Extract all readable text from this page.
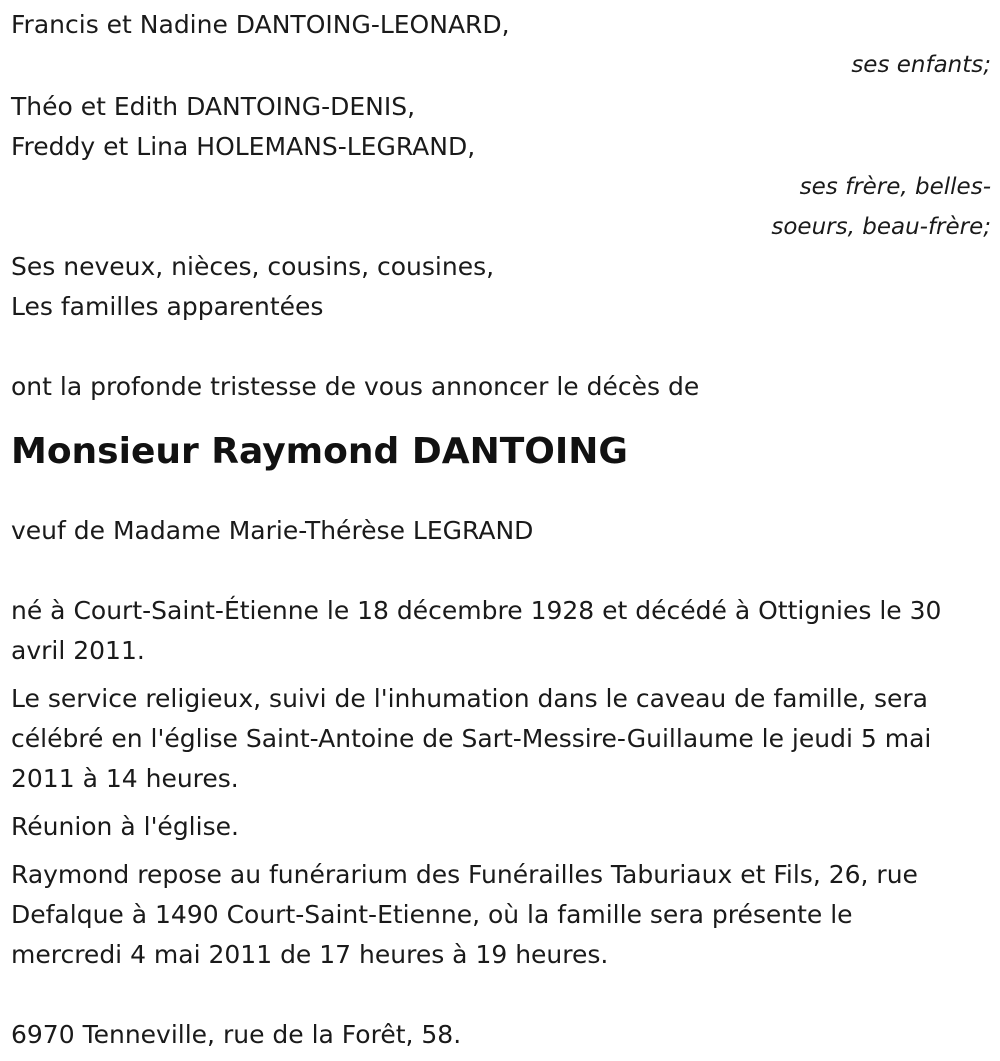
Francis et Nadine DANTOING-LEONARD,
ses enfants;
Théo et Edith DANTOING-DENIS,
Freddy et Lina HOLEMANS-LEGRAND,
ses frère, belles-
soeurs, beau-frère;
Ses neveux, nièces, cousins, cousines,
Les familles apparentées
ont la profonde tristesse de vous annoncer le décès de
Monsieur Raymond DANTOING
veuf de Madame Marie-Thérèse LEGRAND
né à Court-Saint-Étienne le 18 décembre 1928 et décédé à Ottignies le 30
avril 2011.
Le service religieux, suivi de l'inhumation dans le caveau de famille, sera
célébré en l'église Saint-Antoine de Sart-Messire-Guillaume le jeudi 5 mai
2011 à 14 heures.
Réunion à l'église.
Raymond repose au funérarium des Funérailles Taburiaux et Fils, 26, rue
Defalque à 1490 Court-Saint-Etienne, où la famille sera présente le
mercredi 4 mai 2011 de 17 heures à 19 heures.
6970 Tenneville, rue de la Forêt, 58.
